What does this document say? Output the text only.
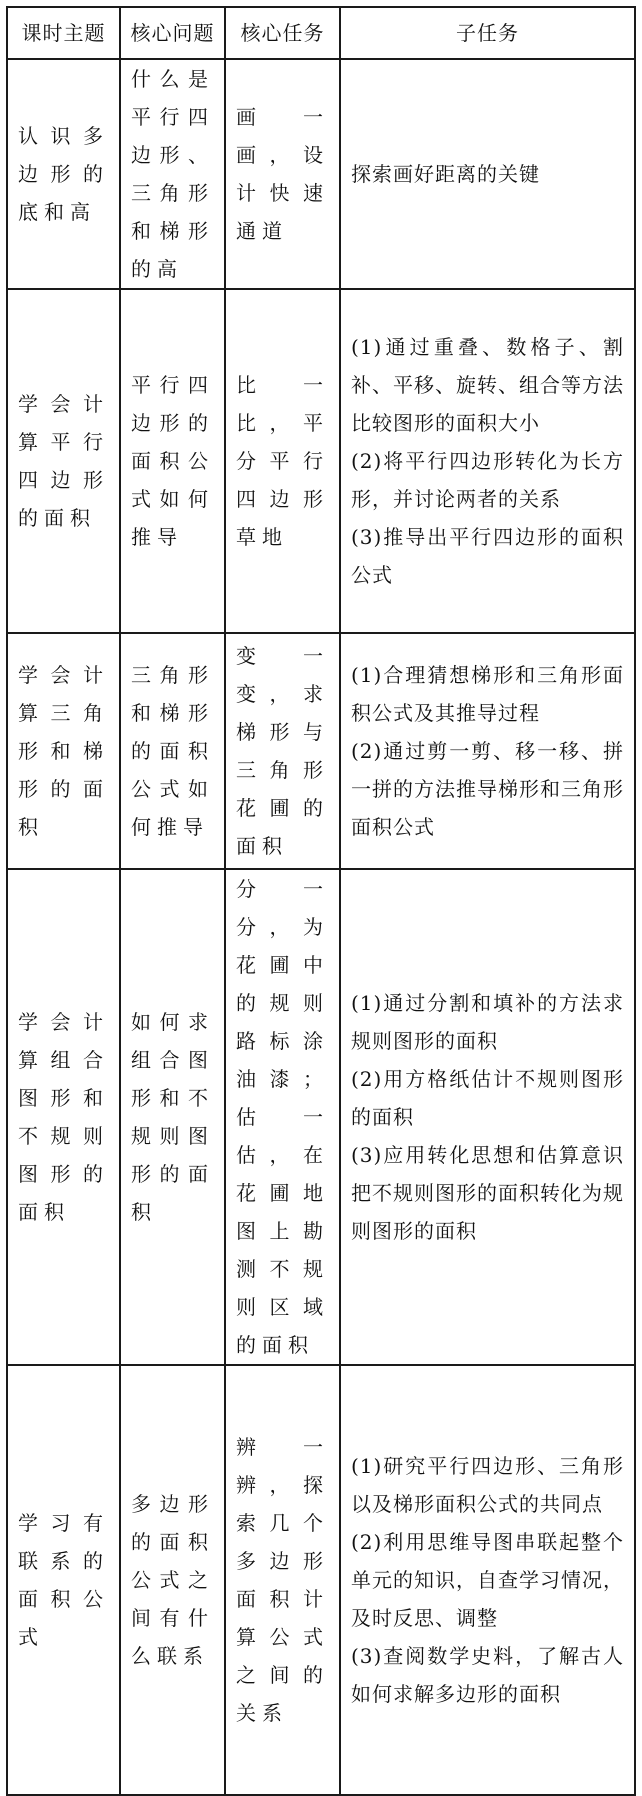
课时主题	核心问题	核心任务	子任务
认识多边形的底和高	什么是平行四边形、三角形和梯形的高	画一画，设计快速通道	探索画好距离的关键

学会计算平行四边形的面积	平行四边形的面积公式如何推导	比一比，平分平行四边形草地	(1)通过重叠、数格子、割补、平移、旋转、组合等方法比较图形的面积大小
(2)将平行四边形转化为长方形，并讨论两者的关系
(3)推导出平行四边形的面积公式

学会计算三角形和梯形的面积	三角形和梯形的面积公式如何推导	变一变，求梯形与三角形花圃的面积	(1)合理猜想梯形和三角形面积公式及其推导过程
(2)通过剪一剪、移一移、拼一拼的方法推导梯形和三角形面积公式

学会计算组合图形和不规则图形的面积	如何求组合图形和不规则图形的面积	分一分，为花圃中的规则路标涂油漆；估一估，在花圃地图上勘测不规则区域的面积	(1)通过分割和填补的方法求规则图形的面积
(2)用方格纸估计不规则图形的面积
(3)应用转化思想和估算意识把不规则图形的面积转化为规则图形的面积

学习有联系的面积公式	多边形的面积公式之间有什么联系	辨一辨，探索几个多边形面积计算公式之间的关系	(1)研究平行四边形、三角形以及梯形面积公式的共同点
(2)利用思维导图串联起整个单元的知识，自查学习情况，及时反思、调整
(3)查阅数学史料，了解古人如何求解多边形的面积
